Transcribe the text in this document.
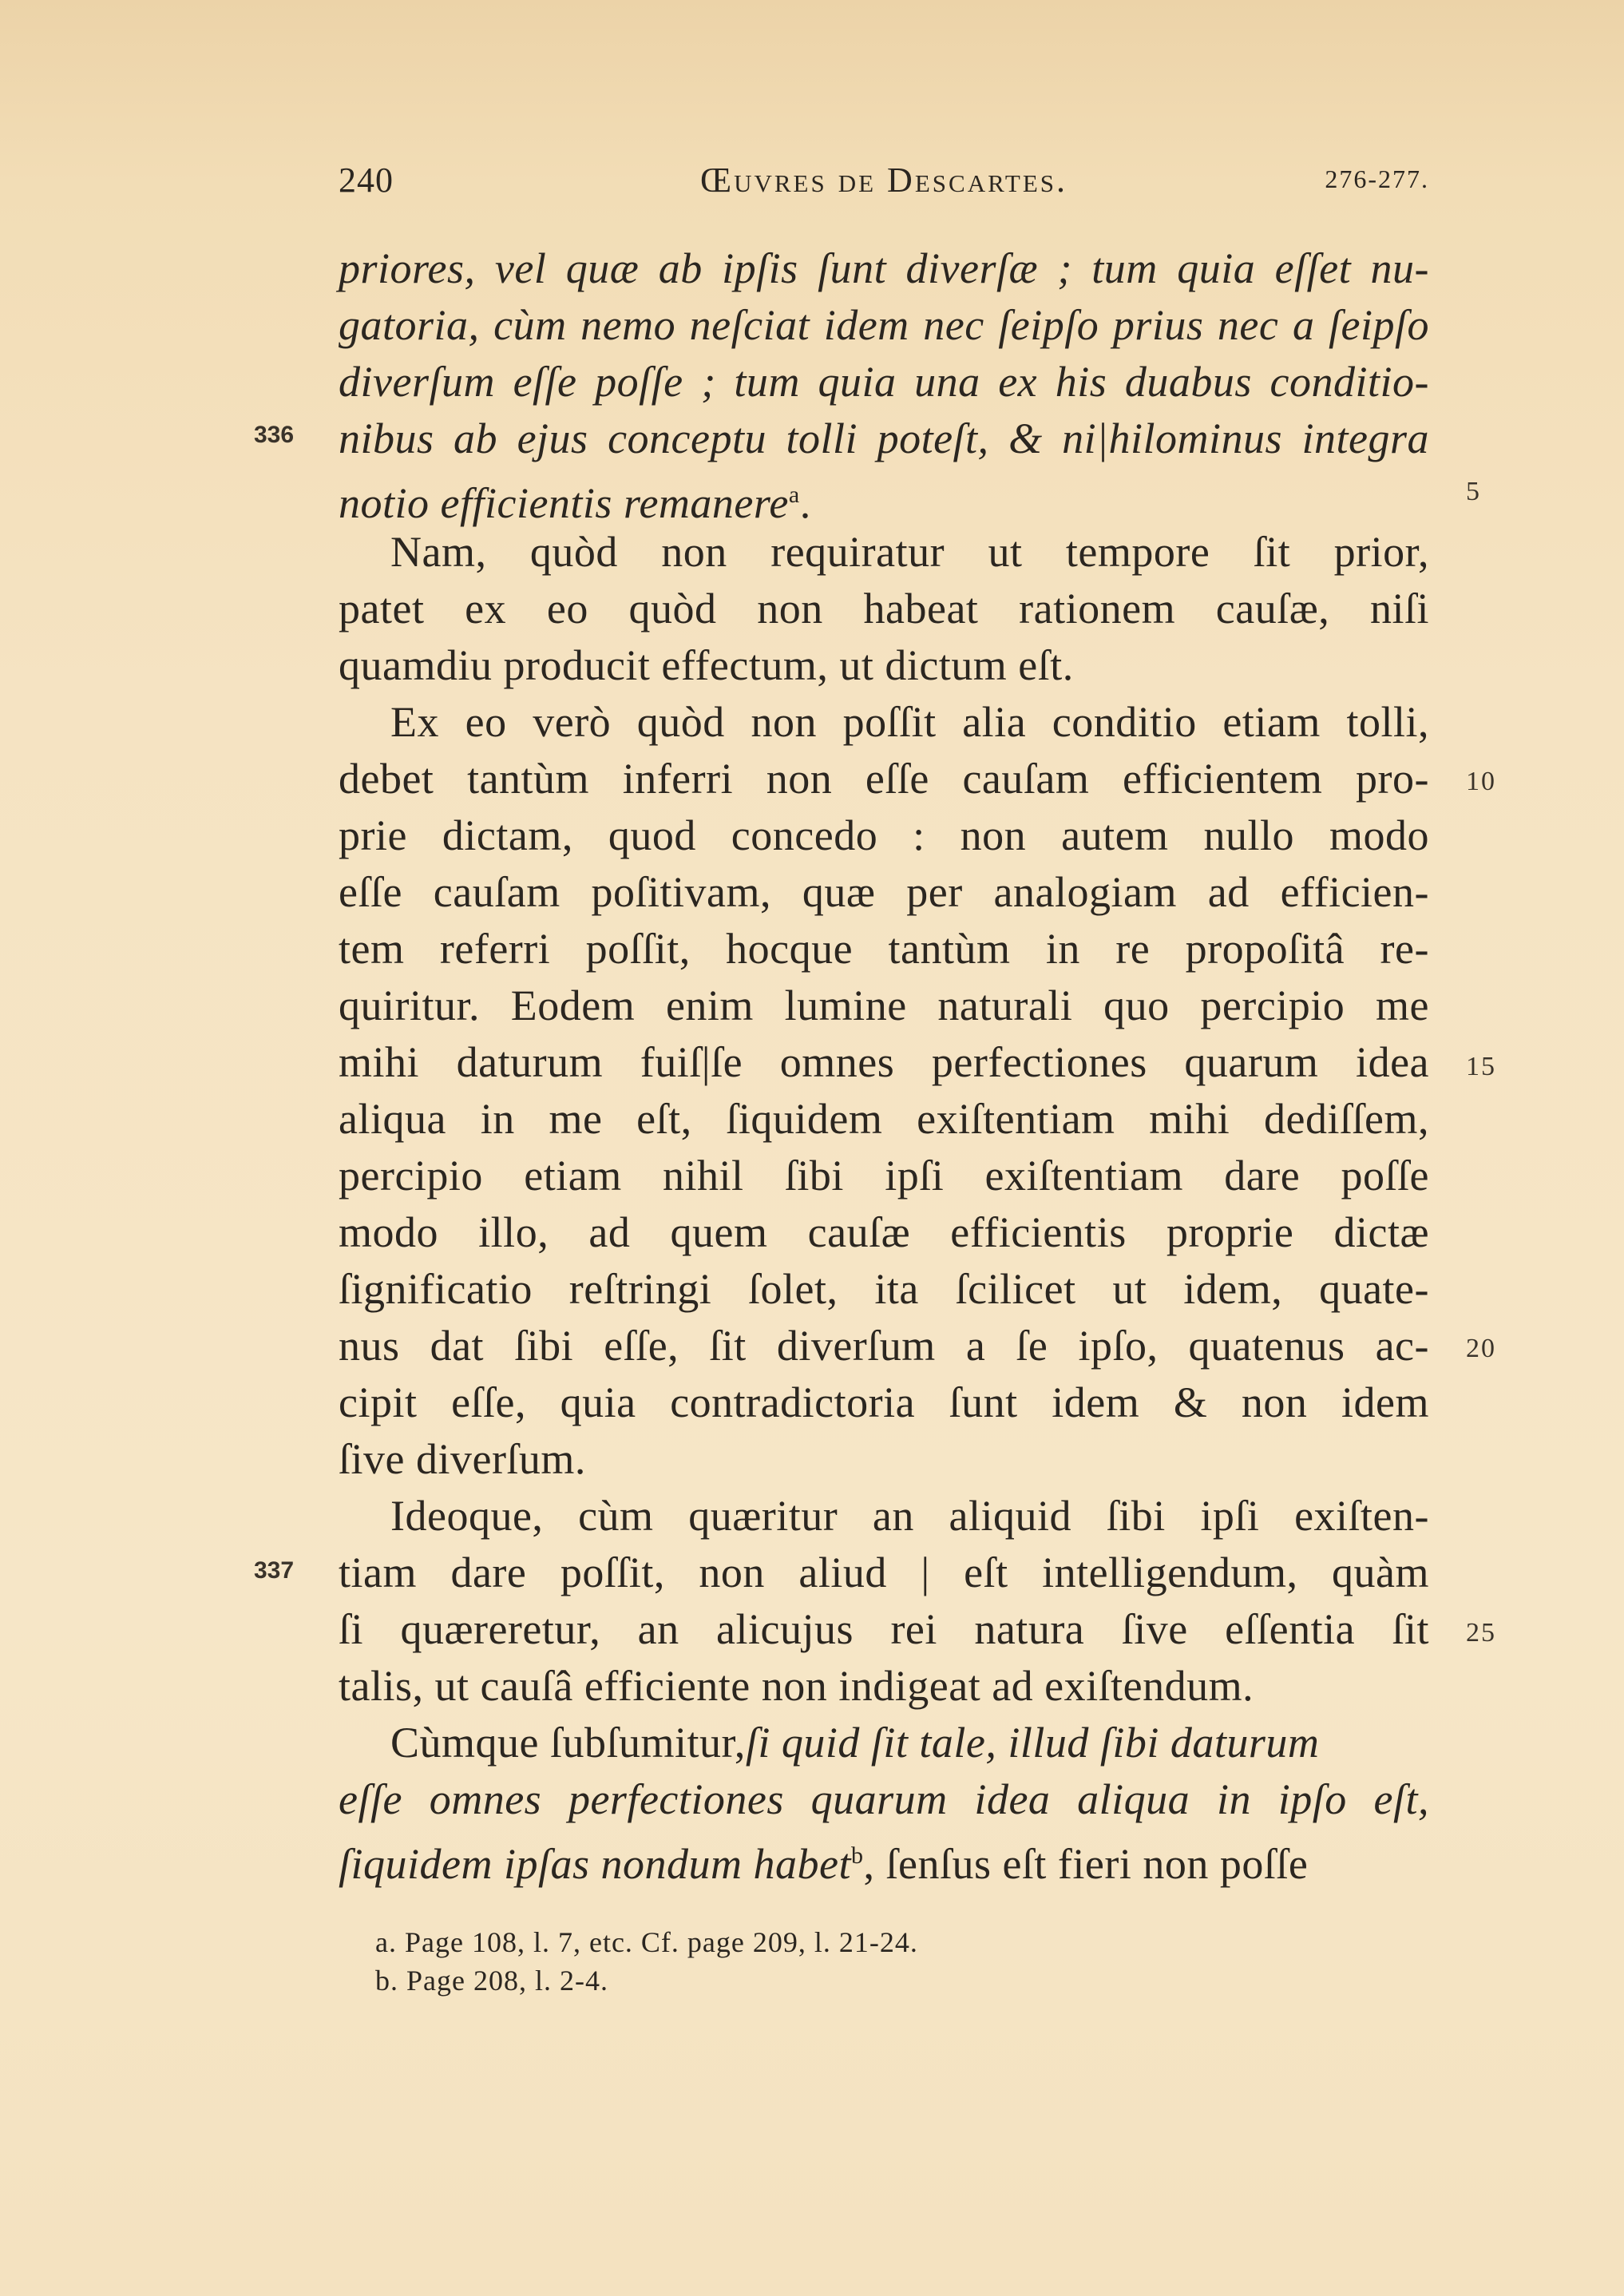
240	Œuvres de Descartes.	276-277.
336
337
5
10
15
20
25
priores, vel quæ ab ipſis ſunt diverſæ ; tum quia eſſet nu-
gatoria, cùm nemo neſciat idem nec ſeipſo prius nec a ſeipſo
diverſum eſſe poſſe ; tum quia una ex his duabus conditio-
nibus ab ejus conceptu tolli poteſt, & ni|hilominus integra
notio efficientis remanere$^a$.
Nam, quòd non requiratur ut tempore ſit prior,
patet ex eo quòd non habeat rationem cauſæ, niſi
quamdiu producit effectum, ut dictum eſt.
Ex eo verò quòd non poſſit alia conditio etiam tolli,
debet tantùm inferri non eſſe cauſam efficientem pro-
prie dictam, quod concedo : non autem nullo modo
eſſe cauſam poſitivam, quæ per analogiam ad efficien-
tem referri poſſit, hocque tantùm in re propoſitâ re-
quiritur. Eodem enim lumine naturali quo percipio me
mihi daturum fuiſ|ſe omnes perfectiones quarum idea
aliqua in me eſt, ſiquidem exiſtentiam mihi dediſſem,
percipio etiam nihil ſibi ipſi exiſtentiam dare poſſe
modo illo, ad quem cauſæ efficientis proprie dictæ
ſignificatio reſtringi ſolet, ita ſcilicet ut idem, quate-
nus dat ſibi eſſe, ſit diverſum a ſe ipſo, quatenus ac-
cipit eſſe, quia contradictoria ſunt idem & non idem
ſive diverſum.
Ideoque, cùm quæritur an aliquid ſibi ipſi exiſten-
tiam dare poſſit, non aliud | eſt intelligendum, quàm
ſi quæreretur, an alicujus rei natura ſive eſſentia ſit
talis, ut cauſâ efficiente non indigeat ad exiſtendum.
Cùmque ſubſumitur,ſi quid ſit tale, illud ſibi daturum
eſſe omnes perfectiones quarum idea aliqua in ipſo eſt,
ſiquidem ipſas nondum habet$^b$, ſenſus eſt fieri non poſſe
a. Page 108, l. 7, etc. Cf. page 209, l. 21-24.
b. Page 208, l. 2-4.
